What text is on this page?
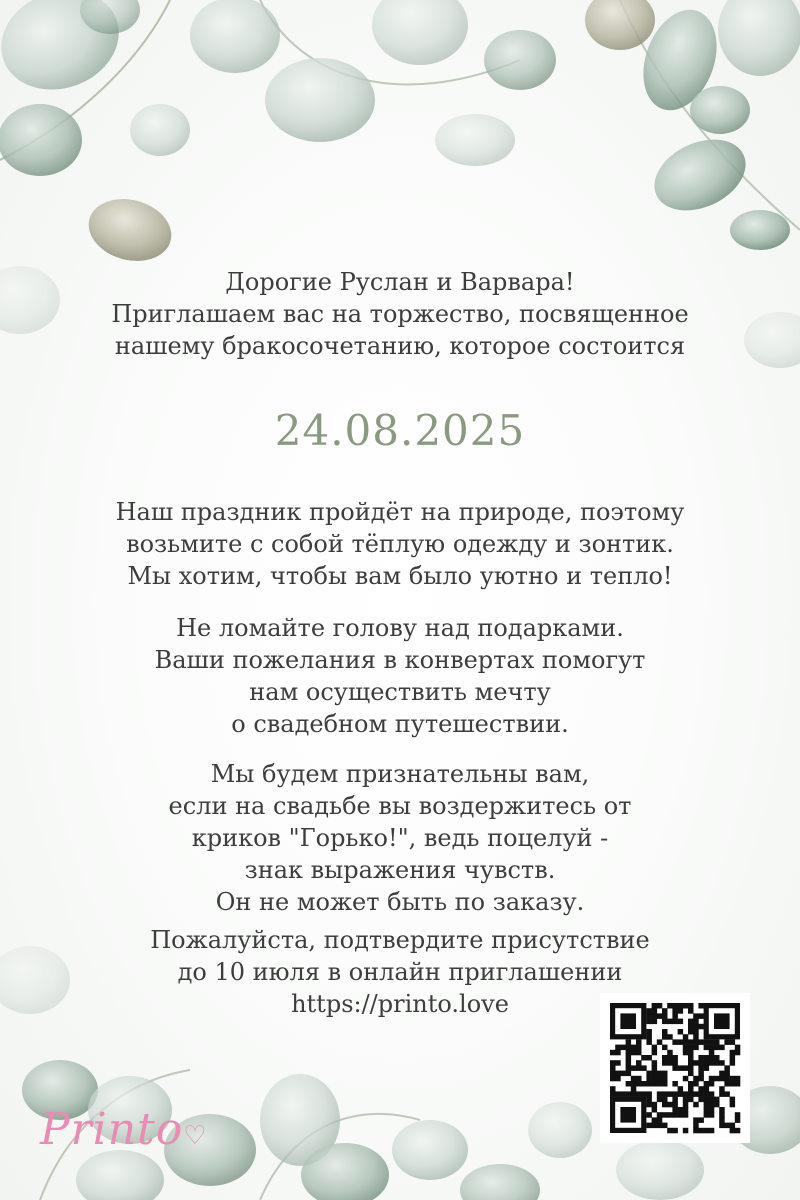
Дорогие Руслан и Варвара!
Приглашаем вас на торжество, посвященное
нашему бракосочетанию, которое состоится
24.08.2025
Наш праздник пройдёт на природе, поэтому
возьмите с собой тёплую одежду и зонтик.
Мы хотим, чтобы вам было уютно и тепло!
Не ломайте голову над подарками.
Ваши пожелания в конвертах помогут
нам осуществить мечту
о свадебном путешествии.
Мы будем признательны вам,
если на свадьбе вы воздержитесь от
криков "Горько!", ведь поцелуй -
знак выражения чувств.
Он не может быть по заказу.
Пожалуйста, подтвердите присутствие
до 10 июля в онлайн приглашении
https://printo.love
Printo♡
